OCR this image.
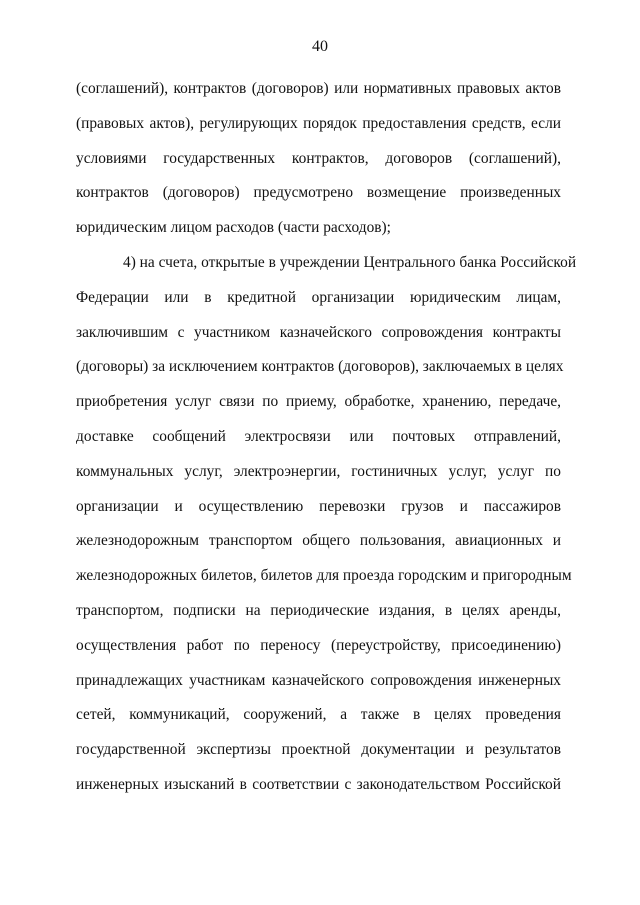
40
(соглашений), контрактов (договоров) или нормативных правовых актов
(правовых актов), регулирующих порядок предоставления средств, если
условиями государственных контрактов, договоров (соглашений),
контрактов (договоров) предусмотрено возмещение произведенных
юридическим лицом расходов (части расходов);
4) на счета, открытые в учреждении Центрального банка Российской
Федерации или в кредитной организации юридическим лицам,
заключившим с участником казначейского сопровождения контракты
(договоры) за исключением контрактов (договоров), заключаемых в целях
приобретения услуг связи по приему, обработке, хранению, передаче,
доставке сообщений электросвязи или почтовых отправлений,
коммунальных услуг, электроэнергии, гостиничных услуг, услуг по
организации и осуществлению перевозки грузов и пассажиров
железнодорожным транспортом общего пользования, авиационных и
железнодорожных билетов, билетов для проезда городским и пригородным
транспортом, подписки на периодические издания, в целях аренды,
осуществления работ по переносу (переустройству, присоединению)
принадлежащих участникам казначейского сопровождения инженерных
сетей, коммуникаций, сооружений, а также в целях проведения
государственной экспертизы проектной документации и результатов
инженерных изысканий в соответствии с законодательством Российской
